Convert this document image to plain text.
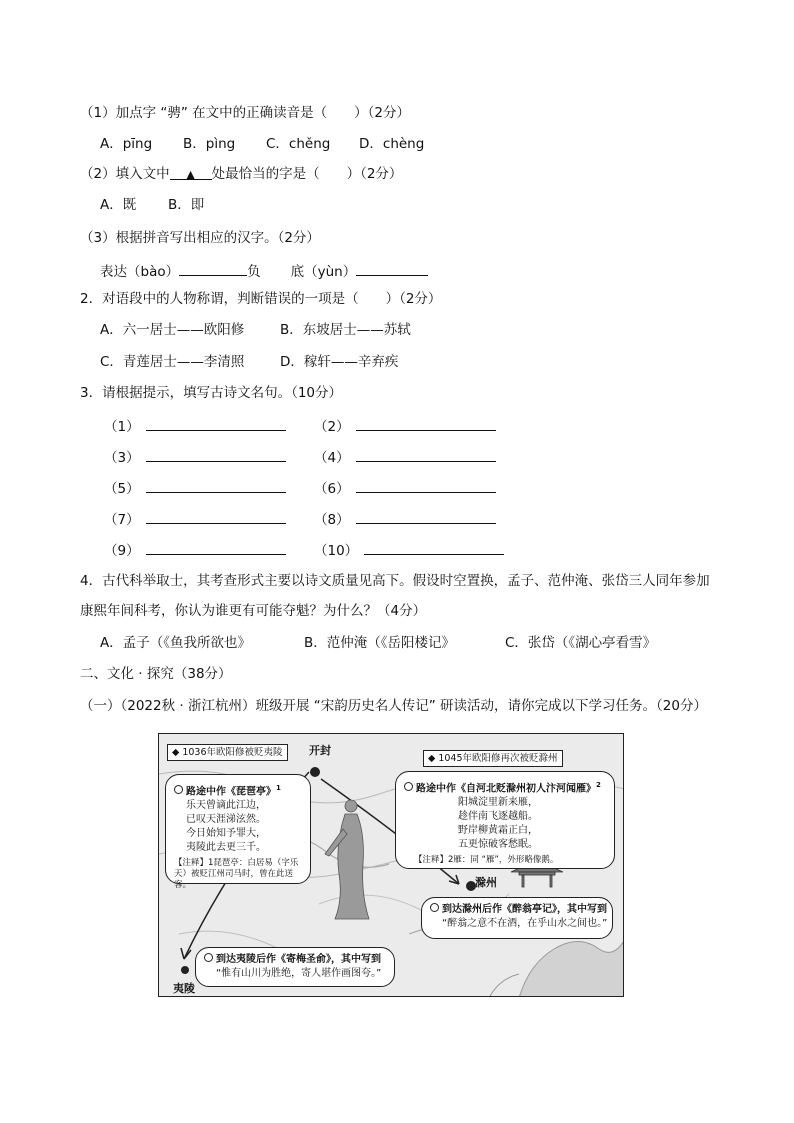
（1）加点字 “骋” 在文中的正确读音是（　　）（2分）
A．pīng B．pìng C．chěng D．chèng
（2）填入文中 ▲ 处最恰当的字是（　　）（2分）
A．既 B．即
（3）根据拼音写出相应的汉字。（2分）
表达（bào）	负 底（yùn）
2．对语段中的人物称谓，判断错误的一项是（　　）（2分）
A．六一居士——欧阳修	B．东坡居士——苏轼
C．青莲居士——李清照	D．稼轩——辛弃疾
3．请根据提示，填写古诗文名句。（10分）
（1）	（2）
（3）	（4）
（5）	（6）
（7）	（8）
（9）	（10）
4．古代科举取士，其考查形式主要以诗文质量见高下。假设时空置换，孟子、范仲淹、张岱三人同年参加
康熙年间科考，你认为谁更有可能夺魁？为什么？（4分）
A．孟子（《鱼我所欲也》	B．范仲淹（《岳阳楼记》	C．张岱（《湖心亭看雪》
二、文化 · 探究（38分）
（一）（2022秋 · 浙江杭州）班级开展 “宋韵历史名人传记” 研读活动，请你完成以下学习任务。（20分）
◆ 1036年欧阳修被贬夷陵
◆ 1045年欧阳修再次被贬滁州
开封
滁州
夷陵
路途中作《琵琶亭》$^1$
乐天曾谪此江边，
已叹天涯涕泫然。
今日始知予罪大，
夷陵此去更三千。
【注释】1琵琶亭：白居易（字乐天）被贬江州司马时，曾在此送客。
路途中作《自河北贬滁州初人汴河闻雁》$^2$
阳城淀里新来雁，
趁伴南飞逐越船。
野岸柳黄霜正白，
五更惊破客愁眠。
【注释】2雁：同 “雁”，外形略像鹅。
到达滁州后作《醉翁亭记》，其中写到
“醉翁之意不在酒，在乎山水之间也。”
到达夷陵后作《寄梅圣俞》，其中写到
“惟有山川为胜绝，寄人堪作画图夸。”
